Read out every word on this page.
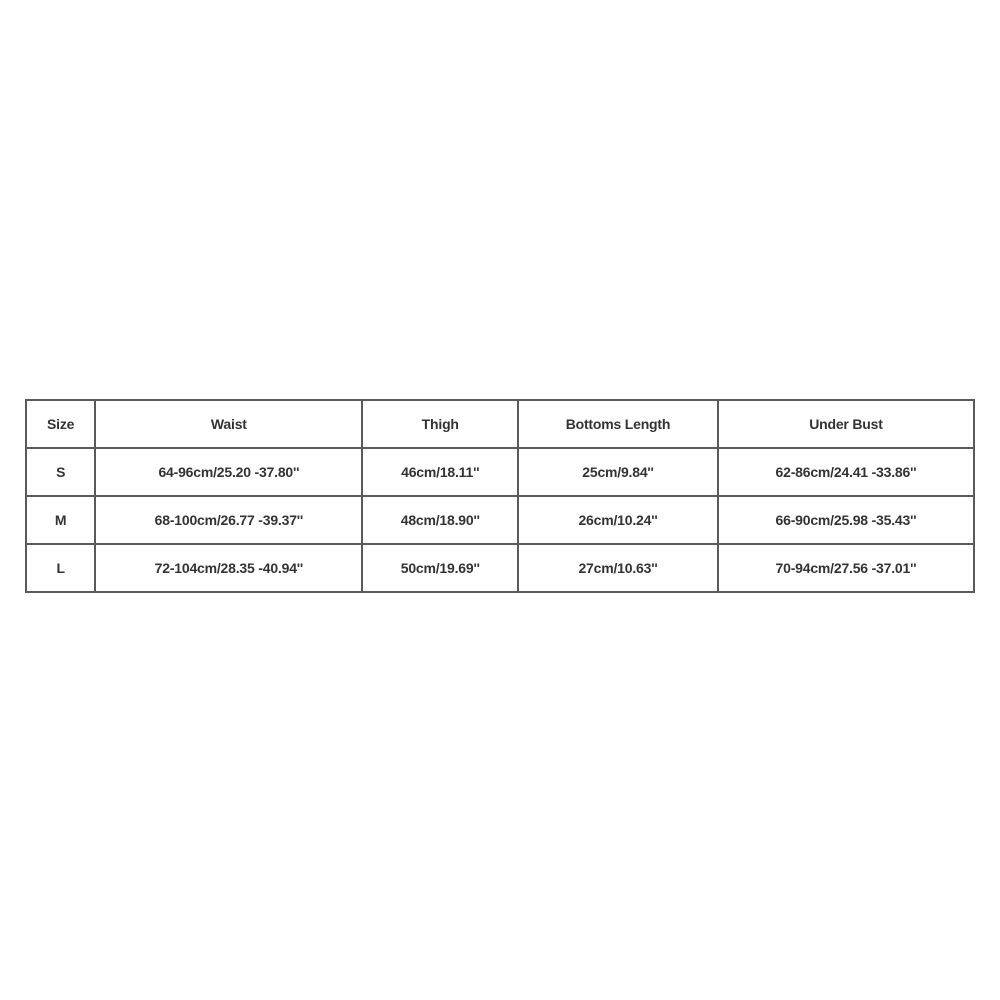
Size	Waist	Thigh	Bottoms Length	Under Bust
S	64-96cm/25.20 -37.80''	46cm/18.11''	25cm/9.84''	62-86cm/24.41 -33.86''
M	68-100cm/26.77 -39.37''	48cm/18.90''	26cm/10.24''	66-90cm/25.98 -35.43''
L	72-104cm/28.35 -40.94''	50cm/19.69''	27cm/10.63''	70-94cm/27.56 -37.01''
